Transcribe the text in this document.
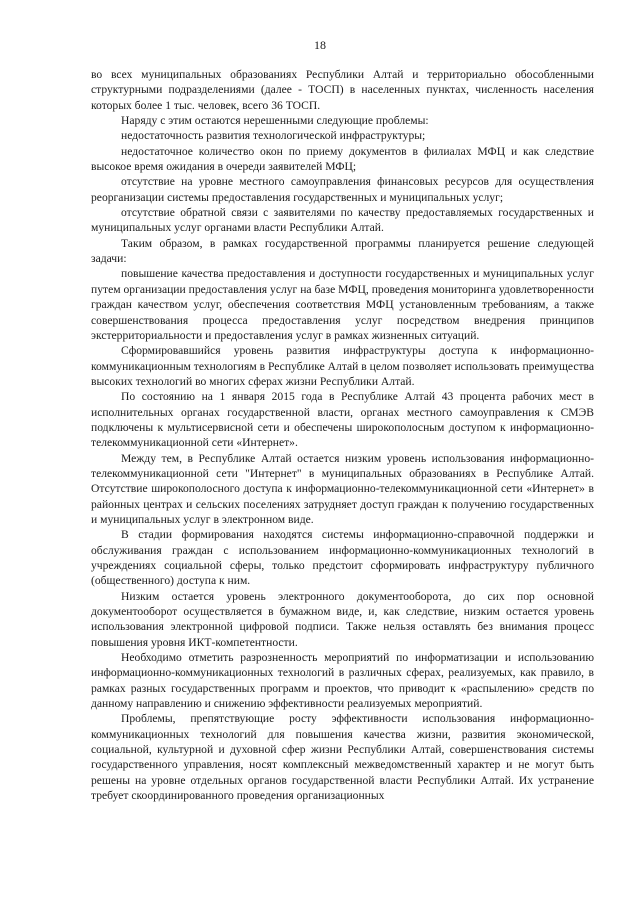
18

во всех муниципальных образованиях Республики Алтай и территориально обособленными структурными подразделениями (далее - ТОСП) в населенных пунктах, численность населения которых более 1 тыс. человек, всего 36 ТОСП.

Наряду с этим остаются нерешенными следующие проблемы:

недостаточность развития технологической инфраструктуры;

недостаточное количество окон по приему документов в филиалах МФЦ и как следствие высокое время ожидания в очереди заявителей МФЦ;

отсутствие на уровне местного самоуправления финансовых ресурсов для осуществления реорганизации системы предоставления государственных и муниципальных услуг;

отсутствие обратной связи с заявителями по качеству предоставляемых государственных и муниципальных услуг органами власти Республики Алтай.

Таким образом, в рамках государственной программы планируется решение следующей задачи:

повышение качества предоставления и доступности государственных и муниципальных услуг путем организации предоставления услуг на базе МФЦ, проведения мониторинга удовлетворенности граждан качеством услуг, обеспечения соответствия МФЦ установленным требованиям, а также совершенствования процесса предоставления услуг посредством внедрения принципов экстерриториальности и предоставления услуг в рамках жизненных ситуаций.

Сформировавшийся уровень развития инфраструктуры доступа к информационно-коммуникационным технологиям в Республике Алтай в целом позволяет использовать преимущества высоких технологий во многих сферах жизни Республики Алтай.

По состоянию на 1 января 2015 года в Республике Алтай 43 процента рабочих мест в исполнительных органах государственной власти, органах местного самоуправления к СМЭВ подключены к мультисервисной сети и обеспечены широкополосным доступом к информационно-телекоммуникационной сети «Интернет».

Между тем, в Республике Алтай остается низким уровень использования информационно-телекоммуникационной сети "Интернет" в муниципальных образованиях в Республике Алтай. Отсутствие широкополосного доступа к информационно-телекоммуникационной сети «Интернет» в районных центрах и сельских поселениях затрудняет доступ граждан к получению государственных и муниципальных услуг в электронном виде.

В стадии формирования находятся системы информационно-справочной поддержки и обслуживания граждан с использованием информационно-коммуникационных технологий в учреждениях социальной сферы, только предстоит сформировать инфраструктуру публичного (общественного) доступа к ним.

Низким остается уровень электронного документооборота, до сих пор основной документооборот осуществляется в бумажном виде, и, как следствие, низким остается уровень использования электронной цифровой подписи. Также нельзя оставлять без внимания процесс повышения уровня ИКТ-компетентности.

Необходимо отметить разрозненность мероприятий по информатизации и использованию информационно-коммуникационных технологий в различных сферах, реализуемых, как правило, в рамках разных государственных программ и проектов, что приводит к «распылению» средств по данному направлению и снижению эффективности реализуемых мероприятий.

Проблемы, препятствующие росту эффективности использования информационно-коммуникационных технологий для повышения качества жизни, развития экономической, социальной, культурной и духовной сфер жизни Республики Алтай, совершенствования системы государственного управления, носят комплексный межведомственный характер и не могут быть решены на уровне отдельных органов государственной власти Республики Алтай. Их устранение требует скоординированного проведения организационных
